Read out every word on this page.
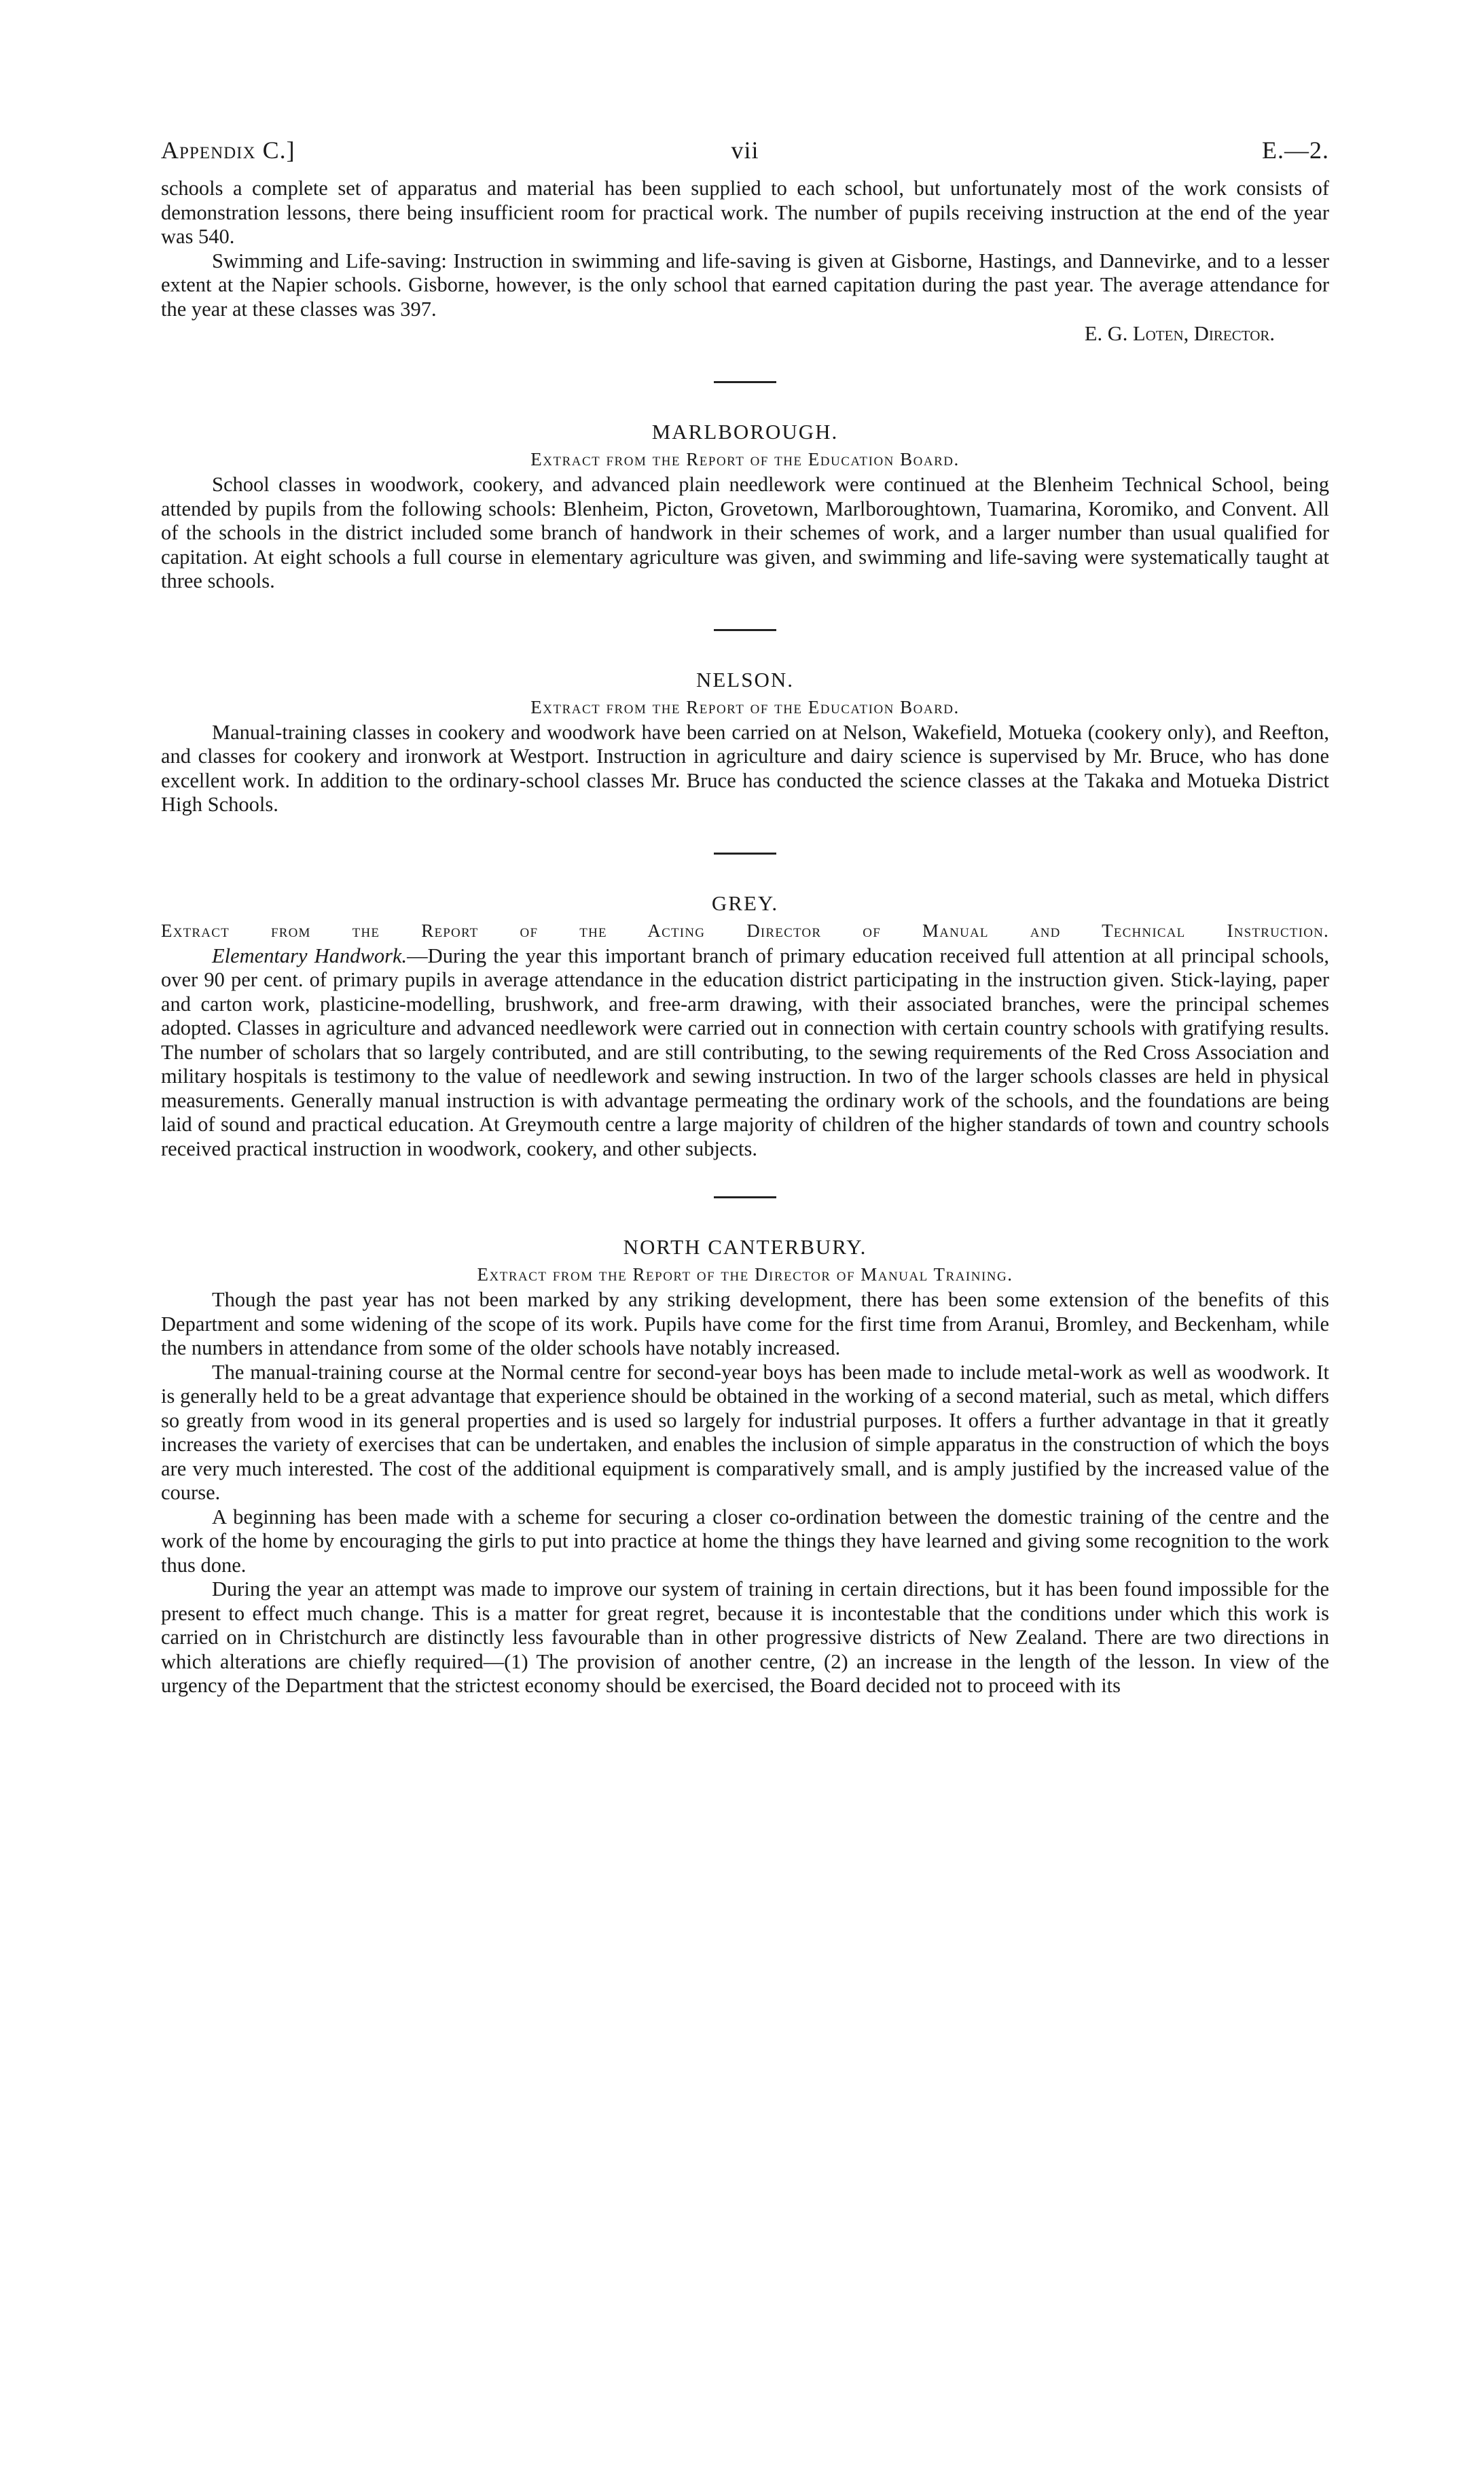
Appendix C.]	vii	E.—2.

schools a complete set of apparatus and material has been supplied to each school, but unfortunately most of the work consists of demonstration lessons, there being insufficient room for practical work. The number of pupils receiving instruction at the end of the year was 540.

Swimming and Life-saving: Instruction in swimming and life-saving is given at Gisborne, Hastings, and Dannevirke, and to a lesser extent at the Napier schools. Gisborne, however, is the only school that earned capitation during the past year. The average attendance for the year at these classes was 397.

E. G. Loten, Director.
MARLBOROUGH.
Extract from the Report of the Education Board.

School classes in woodwork, cookery, and advanced plain needlework were continued at the Blenheim Technical School, being attended by pupils from the following schools: Blenheim, Picton, Grovetown, Marlboroughtown, Tuamarina, Koromiko, and Convent. All of the schools in the district included some branch of handwork in their schemes of work, and a larger number than usual qualified for capitation. At eight schools a full course in elementary agriculture was given, and swimming and life-saving were systematically taught at three schools.

NELSON.
Extract from the Report of the Education Board.

Manual-training classes in cookery and woodwork have been carried on at Nelson, Wakefield, Motueka (cookery only), and Reefton, and classes for cookery and ironwork at Westport. Instruction in agriculture and dairy science is supervised by Mr. Bruce, who has done excellent work. In addition to the ordinary-school classes Mr. Bruce has conducted the science classes at the Takaka and Motueka District High Schools.

GREY.
Extract from the Report of the Acting Director of Manual and Technical Instruction.

Elementary Handwork.—During the year this important branch of primary education received full attention at all principal schools, over 90 per cent. of primary pupils in average attendance in the education district participating in the instruction given. Stick-laying, paper and carton work, plasticine-modelling, brushwork, and free-arm drawing, with their associated branches, were the principal schemes adopted. Classes in agriculture and advanced needlework were carried out in connection with certain country schools with gratifying results. The number of scholars that so largely contributed, and are still contributing, to the sewing requirements of the Red Cross Association and military hospitals is testimony to the value of needlework and sewing instruction. In two of the larger schools classes are held in physical measurements. Generally manual instruction is with advantage permeating the ordinary work of the schools, and the foundations are being laid of sound and practical education. At Greymouth centre a large majority of children of the higher standards of town and country schools received practical instruction in woodwork, cookery, and other subjects.

NORTH CANTERBURY.
Extract from the Report of the Director of Manual Training.

Though the past year has not been marked by any striking development, there has been some extension of the benefits of this Department and some widening of the scope of its work. Pupils have come for the first time from Aranui, Bromley, and Beckenham, while the numbers in attendance from some of the older schools have notably increased.

The manual-training course at the Normal centre for second-year boys has been made to include metal-work as well as woodwork. It is generally held to be a great advantage that experience should be obtained in the working of a second material, such as metal, which differs so greatly from wood in its general properties and is used so largely for industrial purposes. It offers a further advantage in that it greatly increases the variety of exercises that can be undertaken, and enables the inclusion of simple apparatus in the construction of which the boys are very much interested. The cost of the additional equipment is comparatively small, and is amply justified by the increased value of the course.

A beginning has been made with a scheme for securing a closer co-ordination between the domestic training of the centre and the work of the home by encouraging the girls to put into practice at home the things they have learned and giving some recognition to the work thus done.

During the year an attempt was made to improve our system of training in certain directions, but it has been found impossible for the present to effect much change. This is a matter for great regret, because it is incontestable that the conditions under which this work is carried on in Christchurch are distinctly less favourable than in other progressive districts of New Zealand. There are two directions in which alterations are chiefly required—(1) The provision of another centre, (2) an increase in the length of the lesson. In view of the urgency of the Department that the strictest economy should be exercised, the Board decided not to proceed with its
